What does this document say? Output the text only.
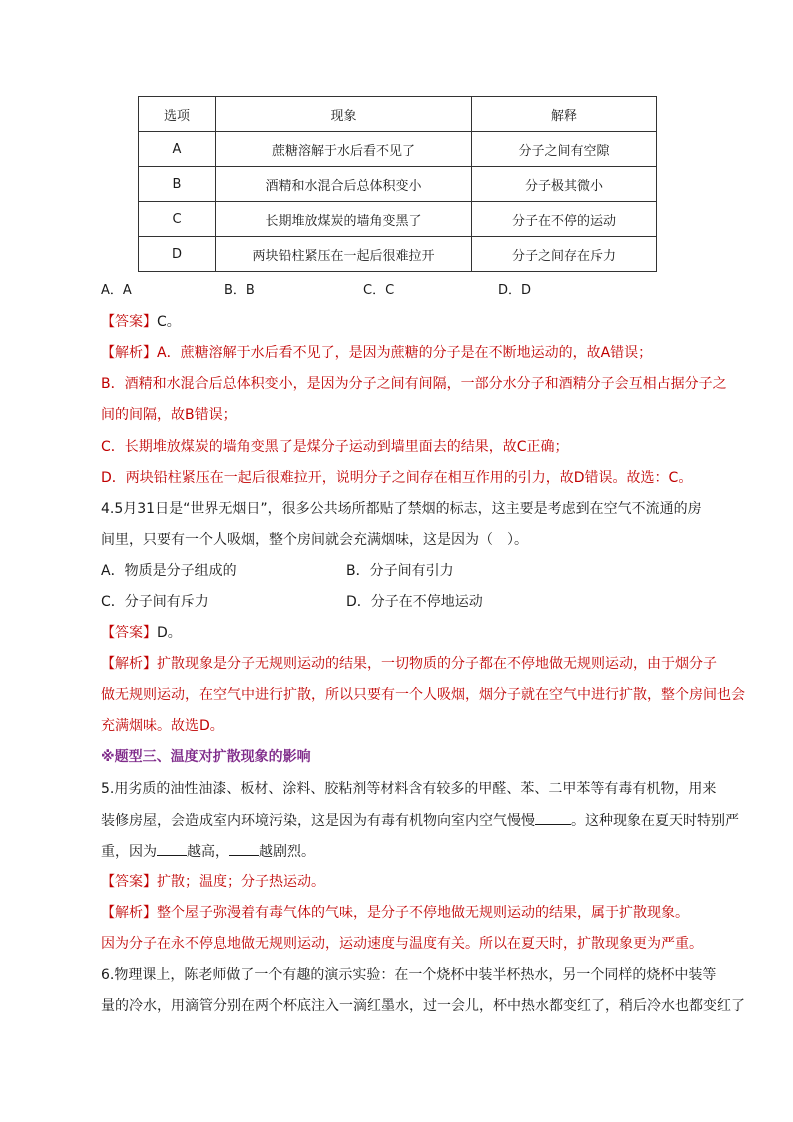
选项	现象	解释
A	蔗糖溶解于水后看不见了	分子之间有空隙
B	酒精和水混合后总体积变小	分子极其微小
C	长期堆放煤炭的墙角变黑了	分子在不停的运动
D	两块铅柱紧压在一起后很难拉开	分子之间存在斥力
A．A	B．B	C．C	D．D
【答案】C。
【解析】A．蔗糖溶解于水后看不见了，是因为蔗糖的分子是在不断地运动的，故A错误；
B．酒精和水混合后总体积变小，是因为分子之间有间隔，一部分水分子和酒精分子会互相占据分子之
间的间隔，故B错误；
C．长期堆放煤炭的墙角变黑了是煤分子运动到墙里面去的结果，故C正确；
D．两块铅柱紧压在一起后很难拉开，说明分子之间存在相互作用的引力，故D错误。故选：C。
4.5月31日是“世界无烟日”，很多公共场所都贴了禁烟的标志，这主要是考虑到在空气不流通的房
间里，只要有一个人吸烟，整个房间就会充满烟味，这是因为（　）。
A．物质是分子组成的	B．分子间有引力
C．分子间有斥力	D．分子在不停地运动
【答案】D。
【解析】扩散现象是分子无规则运动的结果，一切物质的分子都在不停地做无规则运动，由于烟分子
做无规则运动，在空气中进行扩散，所以只要有一个人吸烟，烟分子就在空气中进行扩散，整个房间也会
充满烟味。故选D。
※题型三、温度对扩散现象的影响
5.用劣质的油性油漆、板材、涂料、胶粘剂等材料含有较多的甲醛、苯、二甲苯等有毒有机物，用来
装修房屋，会造成室内环境污染，这是因为有毒有机物向室内空气慢慢	。这种现象在夏天时特别严
重，因为 越高， 越剧烈。
【答案】扩散；温度；分子热运动。
【解析】整个屋子弥漫着有毒气体的气味，是分子不停地做无规则运动的结果，属于扩散现象。
因为分子在永不停息地做无规则运动，运动速度与温度有关。所以在夏天时，扩散现象更为严重。
6.物理课上，陈老师做了一个有趣的演示实验：在一个烧杯中装半杯热水，另一个同样的烧杯中装等
量的冷水，用滴管分别在两个杯底注入一滴红墨水，过一会儿，杯中热水都变红了，稍后冷水也都变红了
